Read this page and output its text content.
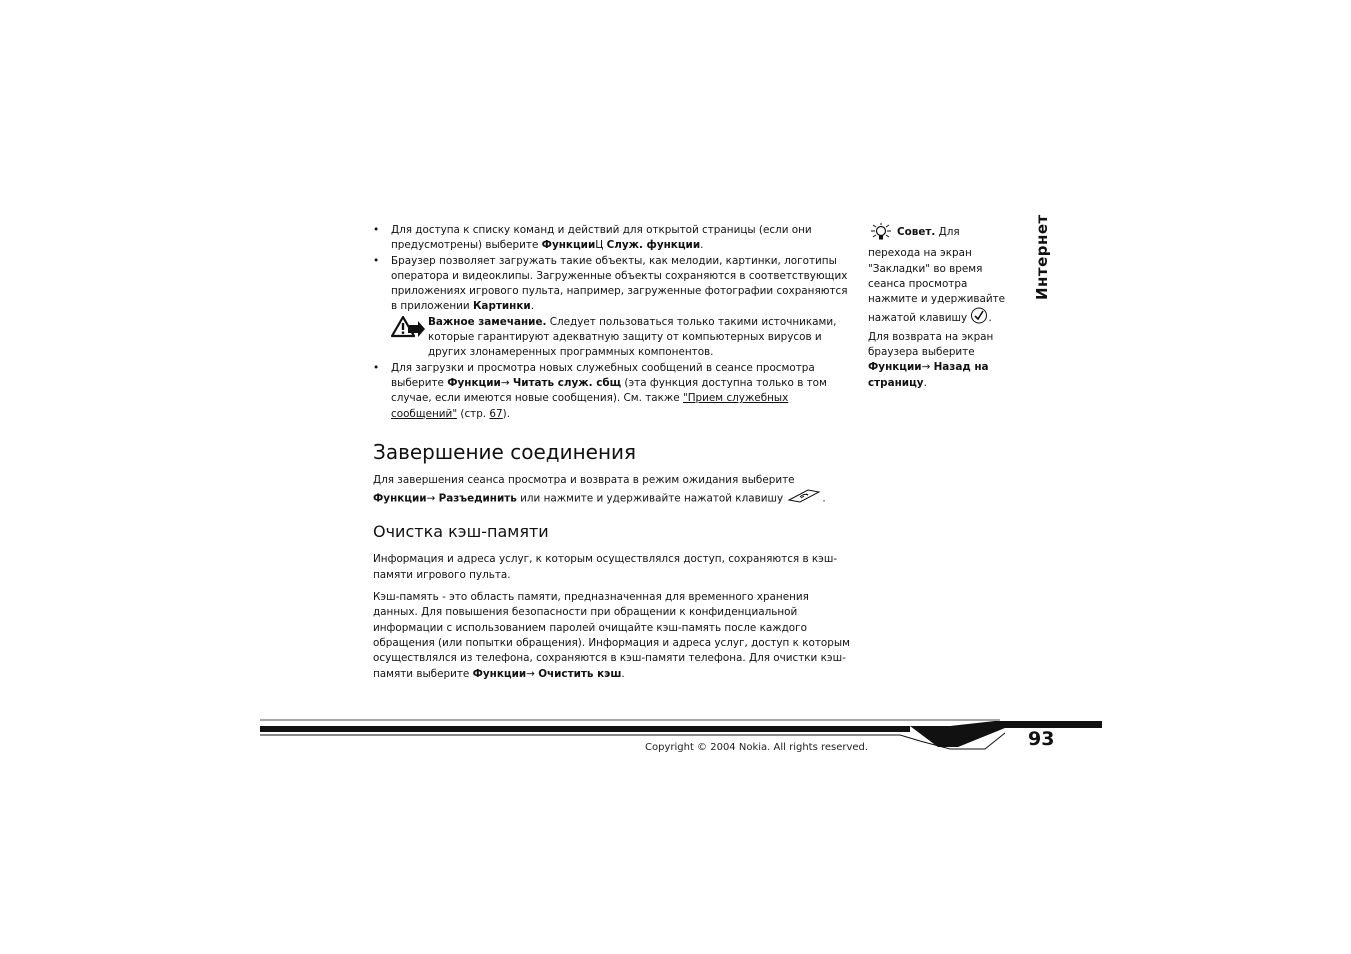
• Для доступа к списку команд и действий для открытой страницы (если они предусмотрены) выберите ФункцииЦ Служ. функции.

• Браузер позволяет загружать такие объекты, как мелодии, картинки, логотипы оператора и видеоклипы. Загруженные объекты сохраняются в соответствующих приложениях игрового пульта, например, загруженные фотографии сохраняются в приложении Картинки.

Важное замечание. Следует пользоваться только такими источниками, которые гарантируют адекватную защиту от компьютерных вирусов и других злонамеренных программных компонентов.

• Для загрузки и просмотра новых служебных сообщений в сеансе просмотра выберите Функции→ Читать служ. сбщ (эта функция доступна только в том случае, если имеются новые сообщения). См. также "Прием служебных сообщений" (стр. 67).

Завершение соединения

Для завершения сеанса просмотра и возврата в режим ожидания выберите Функции→ Разъединить или нажмите и удерживайте нажатой клавишу	.

Очистка кэш-памяти

Информация и адреса услуг, к которым осуществлялся доступ, сохраняются в кэш-памяти игрового пульта.

Кэш-память - это область памяти, предназначенная для временного хранения данных. Для повышения безопасности при обращении к конфиденциальной информации с использованием паролей очищайте кэш-память после каждого обращения (или попытки обращения). Информация и адреса услуг, доступ к которым осуществлялся из телефона, сохраняются в кэш-памяти телефона. Для очистки кэш-памяти выберите Функции→ Очистить кэш.

Совет. Для перехода на экран "Закладки" во время сеанса просмотра нажмите и удерживайте нажатой клавишу . Для возврата на экран браузера выберите Функции→ Назад на страницу.
Интернет
93
Copyright © 2004 Nokia. All rights reserved.
